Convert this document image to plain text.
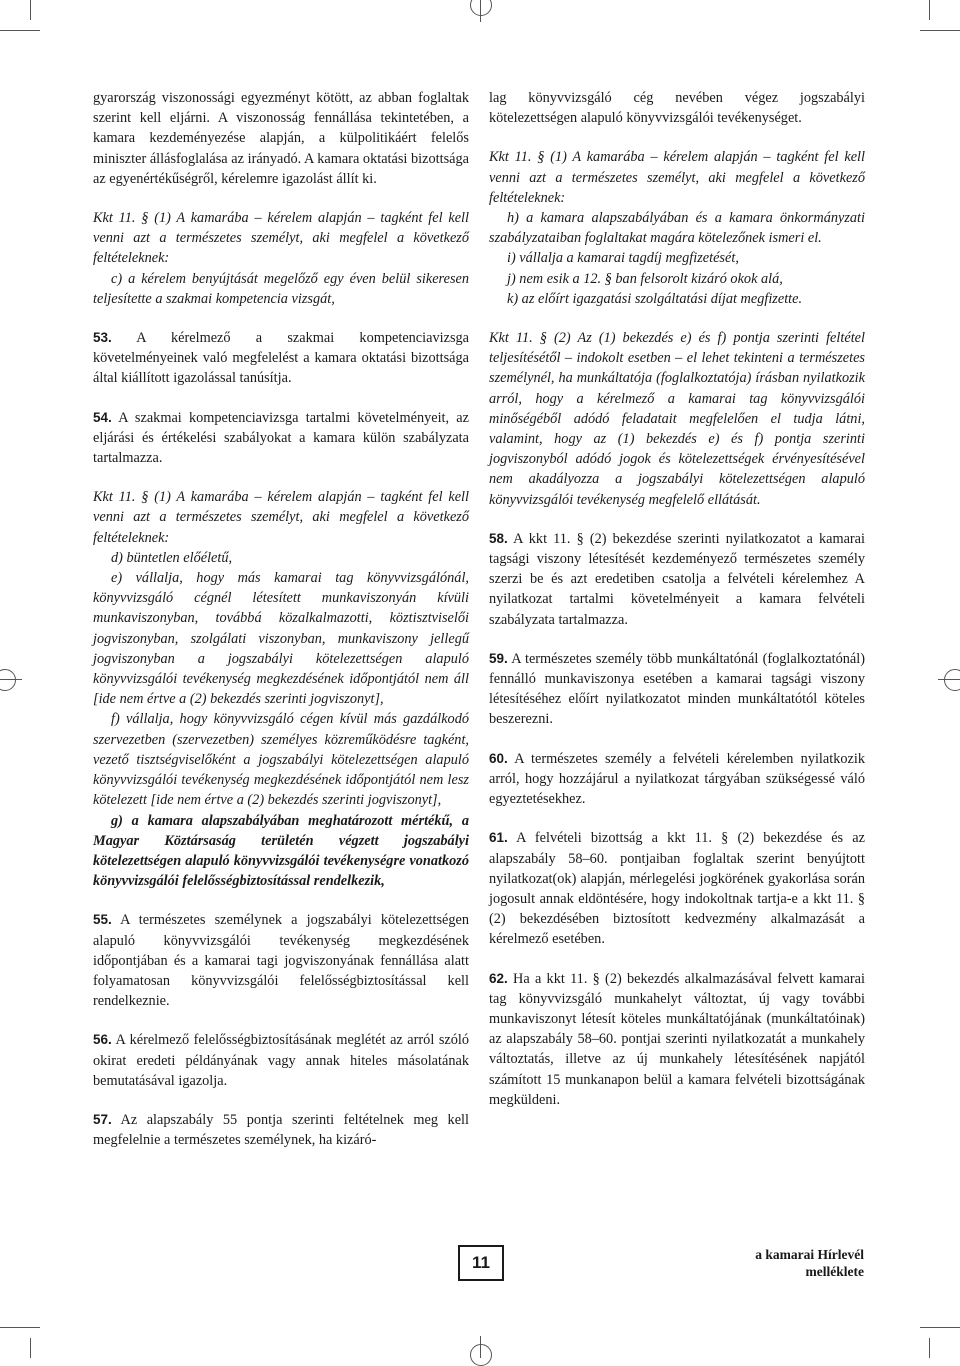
gyarország viszonossági egyezményt kötött, az abban foglaltak szerint kell eljárni. A viszonosság fennállása tekintetében, a kamara kezdeményezése alapján, a külpolitikáért felelős miniszter állásfoglalása az irányadó. A kamara oktatási bizottsága az egyenértékűségről, kérelemre igazolást állít ki.

Kkt 11. § (1) A kamarába – kérelem alapján – tagként fel kell venni azt a természetes személyt, aki megfelel a következő feltételeknek:

c) a kérelem benyújtását megelőző egy éven belül sikeresen teljesítette a szakmai kompetencia vizsgát,

53. A kérelmező a szakmai kompetenciavizsga követelményeinek való megfelelést a kamara oktatási bizottsága által kiállított igazolással tanúsítja.

54. A szakmai kompetenciavizsga tartalmi követelményeit, az eljárási és értékelési szabályokat a kamara külön szabályzata tartalmazza.

Kkt 11. § (1) A kamarába – kérelem alapján – tagként fel kell venni azt a természetes személyt, aki megfelel a következő feltételeknek:

d) büntetlen előéletű,

e) vállalja, hogy más kamarai tag könyvvizsgálónál, könyvvizsgáló cégnél létesített munkaviszonyán kívüli munkaviszonyban, továbbá közalkalmazotti, köztisztviselői jogviszonyban, szolgálati viszonyban, munkaviszony jellegű jogviszonyban a jogszabályi kötelezettségen alapuló könyvvizsgálói tevékenység megkezdésének időpontjától nem áll [ide nem értve a (2) bekezdés szerinti jogviszonyt],

f) vállalja, hogy könyvvizsgáló cégen kívül más gazdálkodó szervezetben (szervezetben) személyes közreműködésre tagként, vezető tisztségviselőként a jogszabályi kötelezettségen alapuló könyvvizsgálói tevékenység megkezdésének időpontjától nem lesz kötelezett [ide nem értve a (2) bekezdés szerinti jogviszonyt],

g) a kamara alapszabályában meghatározott mértékű, a Magyar Köztársaság területén végzett jogszabályi kötelezettségen alapuló könyvvizsgálói tevékenységre vonatkozó könyvvizsgálói felelősségbiztosítással rendelkezik,

55. A természetes személynek a jogszabályi kötelezettségen alapuló könyvvizsgálói tevékenység megkezdésének időpontjában és a kamarai tagi jogviszonyának fennállása alatt folyamatosan könyvvizsgálói felelősségbiztosítással kell rendelkeznie.

56. A kérelmező felelősségbiztosításának meglétét az arról szóló okirat eredeti példányának vagy annak hiteles másolatának bemutatásával igazolja.

57. Az alapszabály 55 pontja szerinti feltételnek meg kell megfelelnie a természetes személynek, ha kizáró-

lag könyvvizsgáló cég nevében végez jogszabályi kötelezettségen alapuló könyvvizsgálói tevékenységet.

Kkt 11. § (1) A kamarába – kérelem alapján – tagként fel kell venni azt a természetes személyt, aki megfelel a következő feltételeknek:

h) a kamara alapszabályában és a kamara önkormányzati szabályzataiban foglaltakat magára kötelezőnek ismeri el.

i) vállalja a kamarai tagdíj megfizetését,

j) nem esik a 12. § ban felsorolt kizáró okok alá,

k) az előírt igazgatási szolgáltatási díjat megfizette.

Kkt 11. § (2) Az (1) bekezdés e) és f) pontja szerinti feltétel teljesítésétől – indokolt esetben – el lehet tekinteni a természetes személynél, ha munkáltatója (foglalkoztatója) írásban nyilatkozik arról, hogy a kérelmező a kamarai tag könyvvizsgálói minőségéből adódó feladatait megfelelően el tudja látni, valamint, hogy az (1) bekezdés e) és f) pontja szerinti jogviszonyból adódó jogok és kötelezettségek érvényesítésével nem akadályozza a jogszabályi kötelezettségen alapuló könyvvizsgálói tevékenység megfelelő ellátását.

58. A kkt 11. § (2) bekezdése szerinti nyilatkozatot a kamarai tagsági viszony létesítését kezdeményező természetes személy szerzi be és azt eredetiben csatolja a felvételi kérelemhez A nyilatkozat tartalmi követelményeit a kamara felvételi szabályzata tartalmazza.

59. A természetes személy több munkáltatónál (foglalkoztatónál) fennálló munkaviszonya esetében a kamarai tagsági viszony létesítéséhez előírt nyilatkozatot minden munkáltatótól köteles beszerezni.

60. A természetes személy a felvételi kérelemben nyilatkozik arról, hogy hozzájárul a nyilatkozat tárgyában szükségessé váló egyeztetésekhez.

61. A felvételi bizottság a kkt 11. § (2) bekezdése és az alapszabály 58–60. pontjaiban foglaltak szerint benyújtott nyilatkozat(ok) alapján, mérlegelési jogkörének gyakorlása során jogosult annak eldöntésére, hogy indokoltnak tartja-e a kkt 11. § (2) bekezdésében biztosított kedvezmény alkalmazását a kérelmező esetében.

62. Ha a kkt 11. § (2) bekezdés alkalmazásával felvett kamarai tag könyvvizsgáló munkahelyt változtat, új vagy további munkaviszonyt létesít köteles munkáltatójának (munkáltatóinak) az alapszabály 58–60. pontjai szerinti nyilatkozatát a munkahely változtatás, illetve az új munkahely létesítésének napjától számított 15 munkanapon belül a kamara felvételi bizottságának megküldeni.

11	a kamarai Hírlevél
melléklete
